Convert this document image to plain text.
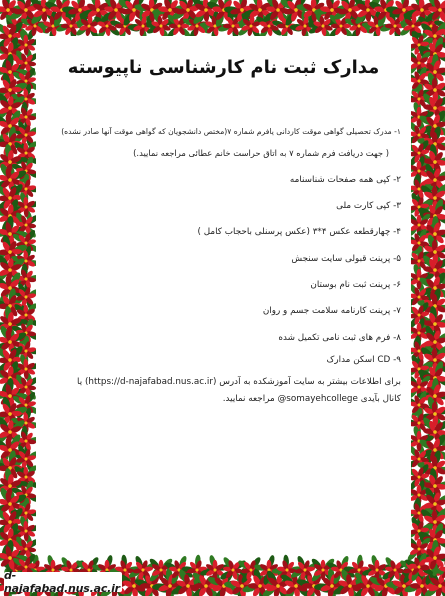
مدارک ثبت نام کارشناسی ناپیوسته
۱- مدرک تحصیلی گواهی موقت کاردانی یافرم شماره ۷(مختص دانشجویان که گواهی موقت آنها صادر نشده)
( جهت دریافت فرم شماره ۷ به اتاق حراست خانم عطائی مراجعه نمایید.)
۲- کپی همه صفحات شناسنامه
۳- کپی کارت ملی
۴- چهارقطعه عکس ۴*۳ (عکس پرسنلی باحجاب کامل )
۵- پرینت قبولی سایت سنجش
۶- پرینت ثبت نام بوستان
۷- پرینت کارنامه سلامت جسم و روان
۸- فرم های ثبت نامی تکمیل شده
۹- CD اسکن مدارک
برای اطلاعات بیشتر به سایت آموزشکده به آدرس (https://d-najafabad.nus.ac.ir) یا
کانال بآیدی somayehcollege@ مراجعه نمایید.
d-najafabad.nus.ac.ir
